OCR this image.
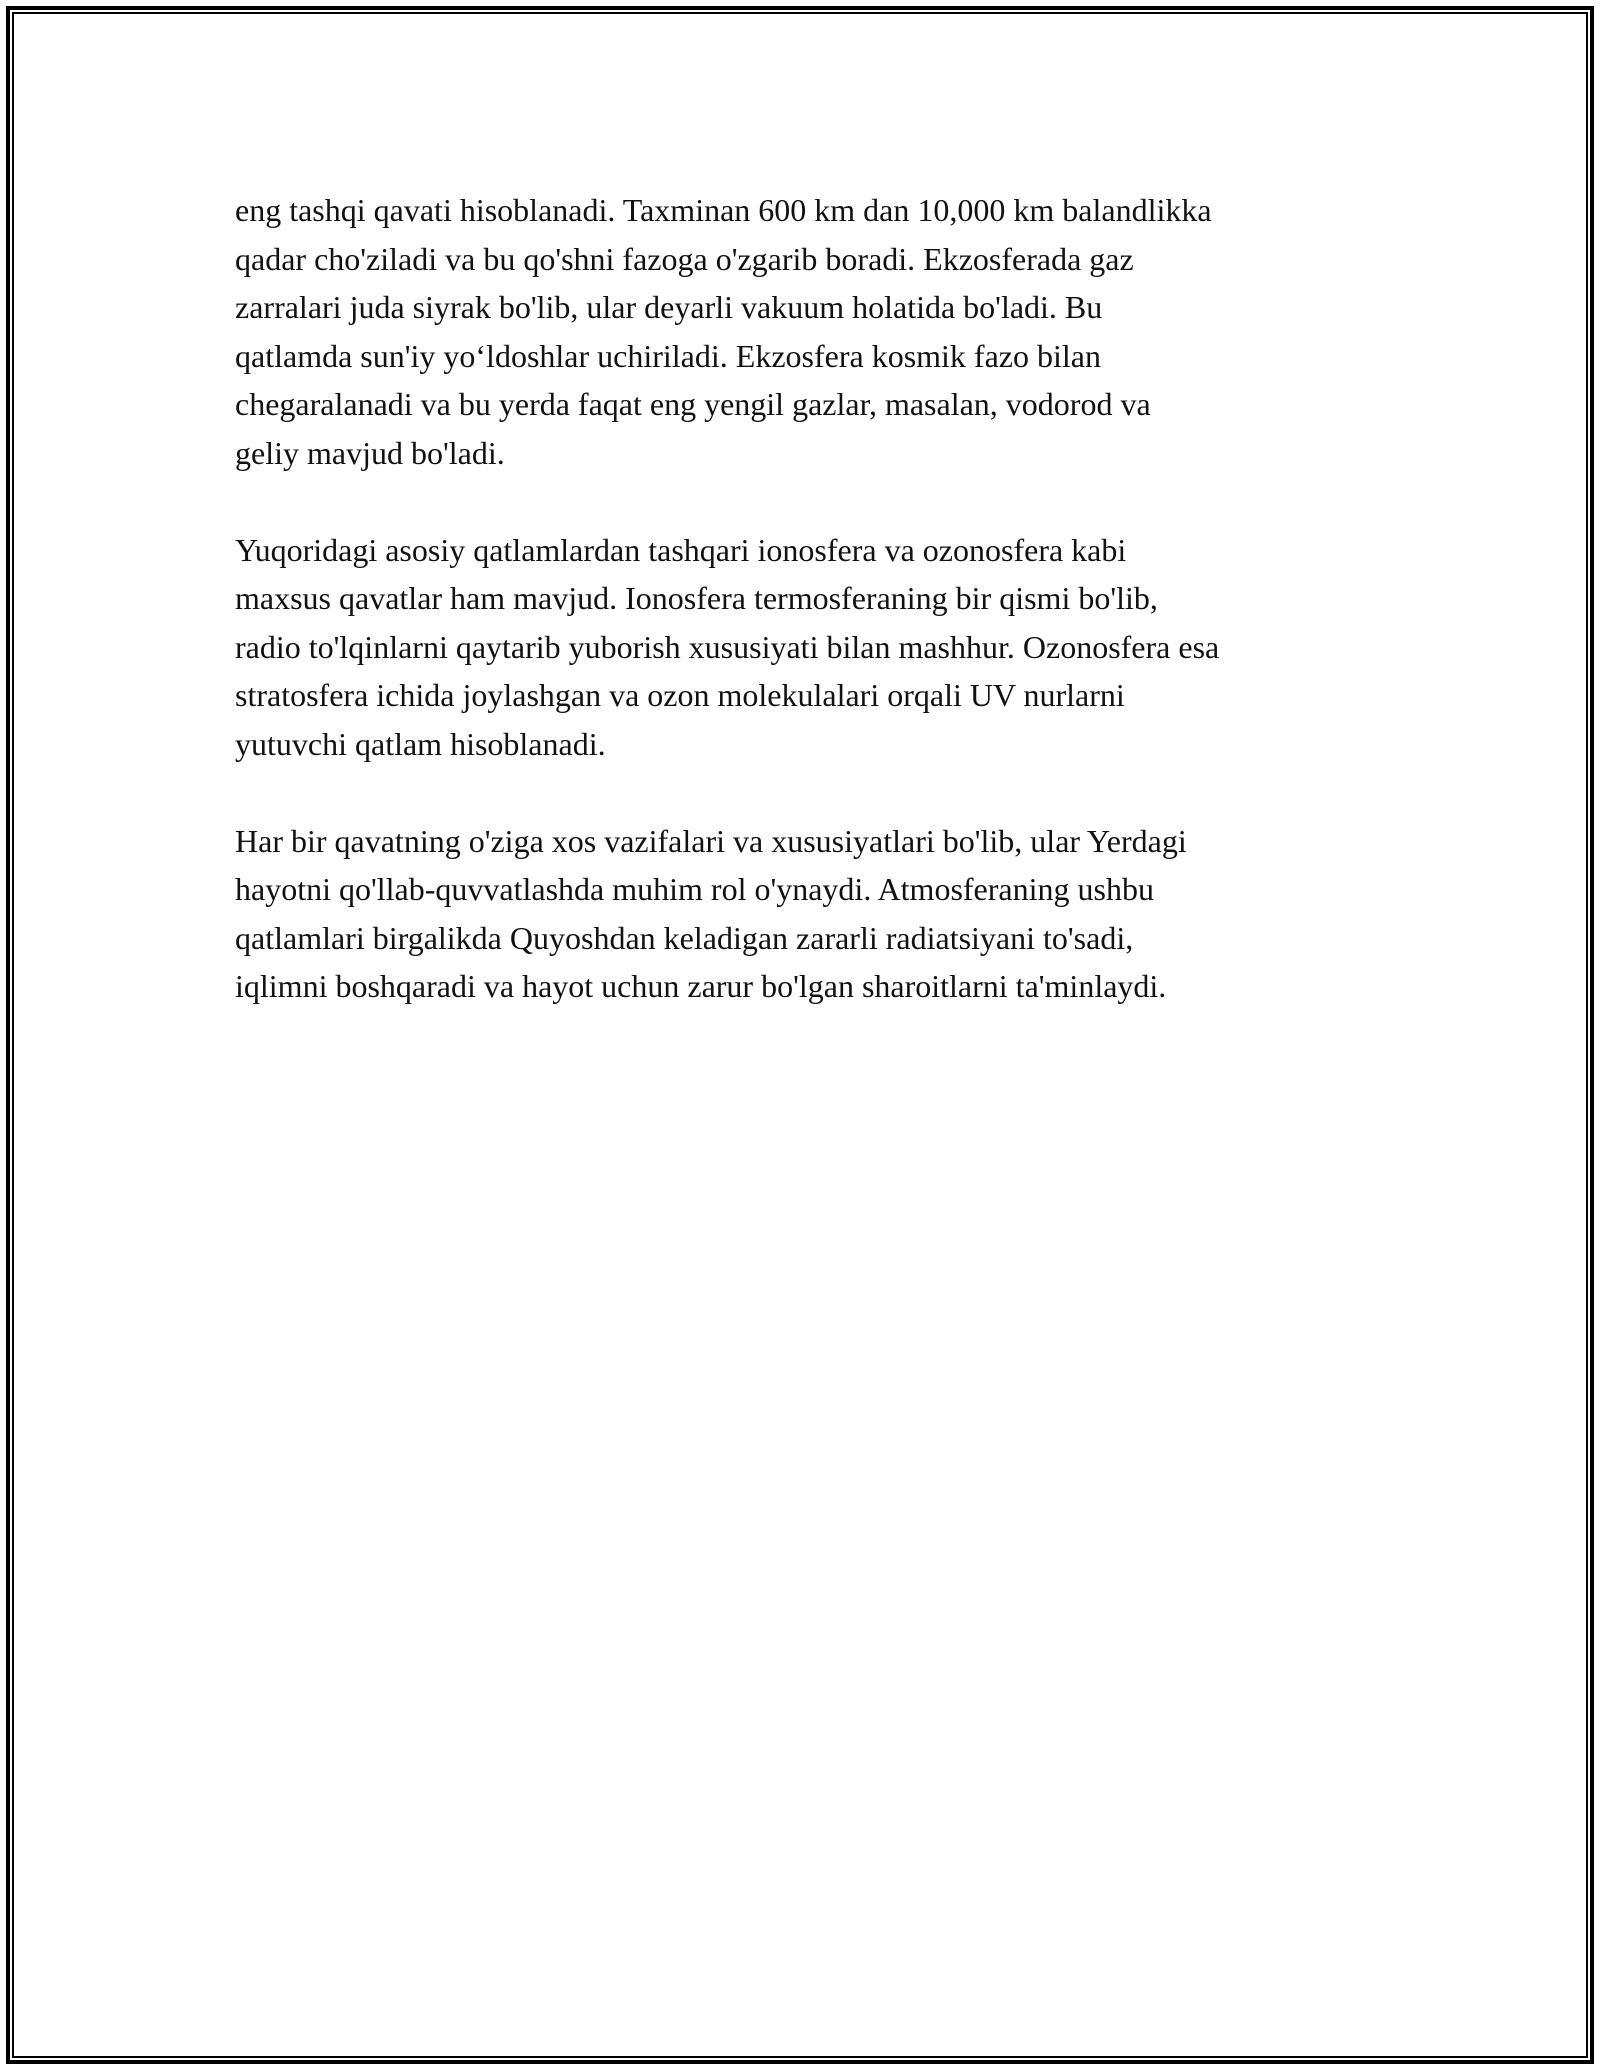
eng tashqi qavati hisoblanadi. Taxminan 600 km dan 10,000 km balandlikka
qadar cho'ziladi va bu qo'shni fazoga o'zgarib boradi. Ekzosferada gaz
zarralari juda siyrak bo'lib, ular deyarli vakuum holatida bo'ladi. Bu
qatlamda sun'iy yo‘ldoshlar uchiriladi. Ekzosfera kosmik fazo bilan
chegaralanadi va bu yerda faqat eng yengil gazlar, masalan, vodorod va
geliy mavjud bo'ladi.

Yuqoridagi asosiy qatlamlardan tashqari ionosfera va ozonosfera kabi
maxsus qavatlar ham mavjud. Ionosfera termosferaning bir qismi bo'lib,
radio to'lqinlarni qaytarib yuborish xususiyati bilan mashhur. Ozonosfera esa
stratosfera ichida joylashgan va ozon molekulalari orqali UV nurlarni
yutuvchi qatlam hisoblanadi.

Har bir qavatning o'ziga xos vazifalari va xususiyatlari bo'lib, ular Yerdagi
hayotni qo'llab-quvvatlashda muhim rol o'ynaydi. Atmosferaning ushbu
qatlamlari birgalikda Quyoshdan keladigan zararli radiatsiyani to'sadi,
iqlimni boshqaradi va hayot uchun zarur bo'lgan sharoitlarni ta'minlaydi.
